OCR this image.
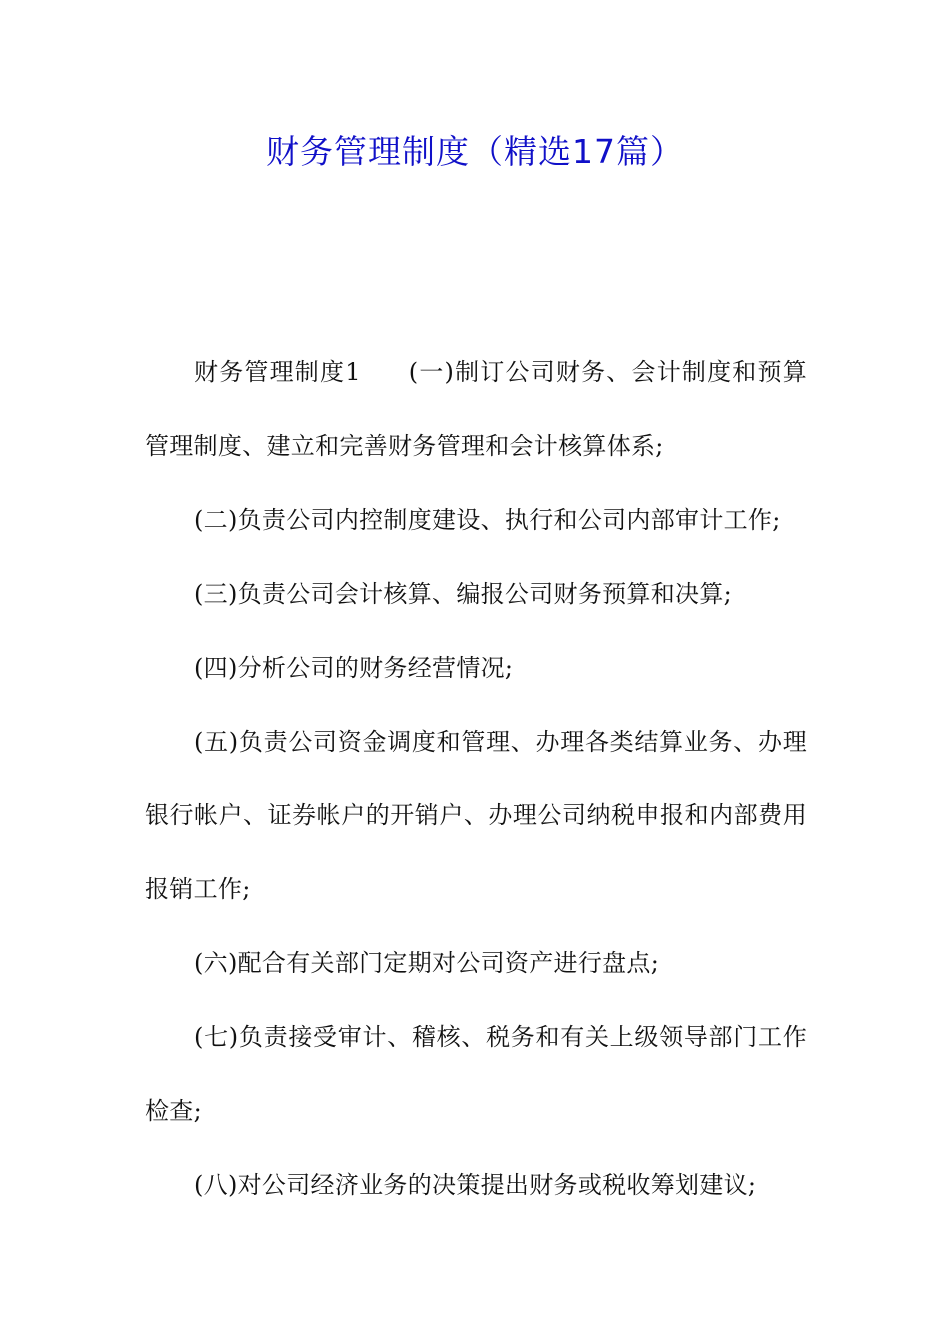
财务管理制度（精选17篇）

财务管理制度1 (一)制订公司财务、会计制度和预算管理制度、建立和完善财务管理和会计核算体系;

(二)负责公司内控制度建设、执行和公司内部审计工作;

(三)负责公司会计核算、编报公司财务预算和决算;

(四)分析公司的财务经营情况;

(五)负责公司资金调度和管理、办理各类结算业务、办理银行帐户、证券帐户的开销户、办理公司纳税申报和内部费用报销工作;

(六)配合有关部门定期对公司资产进行盘点;

(七)负责接受审计、稽核、税务和有关上级领导部门工作检查;

(八)对公司经济业务的决策提出财务或税收筹划建议;
